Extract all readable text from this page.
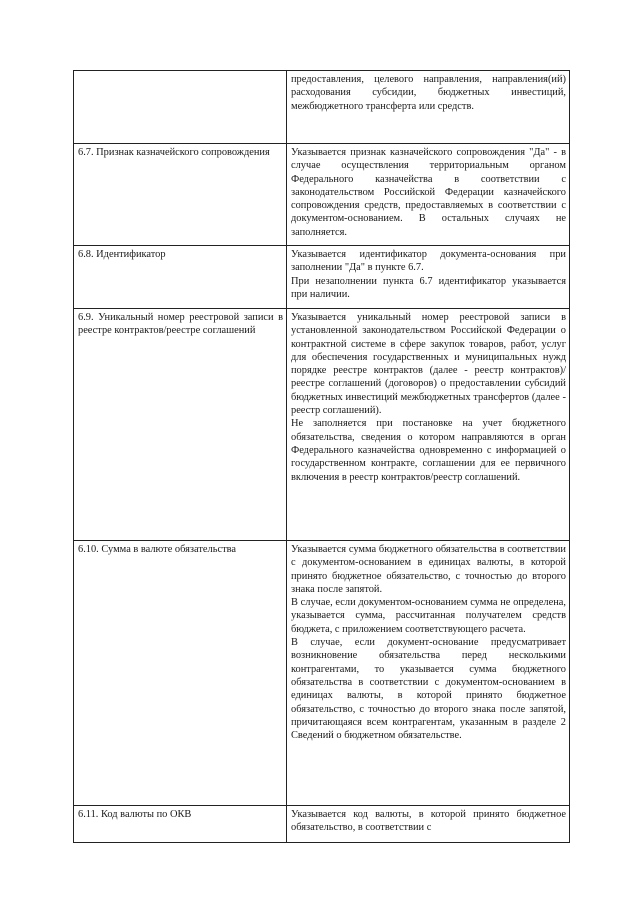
	предоставления, целевого направления, направления(ий) расходования субсидии, бюджетных инвестиций, межбюджетного трансферта или средств.

6.7. Признак казначейского сопровождения	Указывается признак казначейского сопровождения "Да" - в случае осуществления территориальным органом Федерального казначейства в соответствии с законодательством Российской Федерации казначейского сопровождения средств, предоставляемых в соответствии с документом-основанием. В остальных случаях не заполняется.

6.8. Идентификатор	Указывается идентификатор документа-основания при заполнении "Да" в пункте 6.7.

При незаполнении пункта 6.7 идентификатор указывается при наличии.

6.9. Уникальный номер реестровой записи в реестре контрактов/реестре соглашений	Указывается уникальный номер реестровой записи в установленной законодательством Российской Федерации о контрактной системе в сфере закупок товаров, работ, услуг для обеспечения государственных и муниципальных нужд порядке реестре контрактов (далее - реестр контрактов)/реестре соглашений (договоров) о предоставлении субсидий бюджетных инвестиций межбюджетных трансфертов (далее - реестр соглашений).

Не заполняется при постановке на учет бюджетного обязательства, сведения о котором направляются в орган Федерального казначейства одновременно с информацией о государственном контракте, соглашении для ее первичного включения в реестр контрактов/реестр соглашений.

6.10. Сумма в валюте обязательства	Указывается сумма бюджетного обязательства в соответствии с документом-основанием в единицах валюты, в которой принято бюджетное обязательство, с точностью до второго знака после запятой.

В случае, если документом-основанием сумма не определена, указывается сумма, рассчитанная получателем средств бюджета, с приложением соответствующего расчета.

В случае, если документ-основание предусматривает возникновение обязательства перед несколькими контрагентами, то указывается сумма бюджетного обязательства в соответствии с документом-основанием в единицах валюты, в которой принято бюджетное обязательство, с точностью до второго знака после запятой, причитающаяся всем контрагентам, указанным в разделе 2 Сведений о бюджетном обязательстве.

6.11. Код валюты по ОКВ	Указывается код валюты, в которой принято бюджетное обязательство, в соответствии с
